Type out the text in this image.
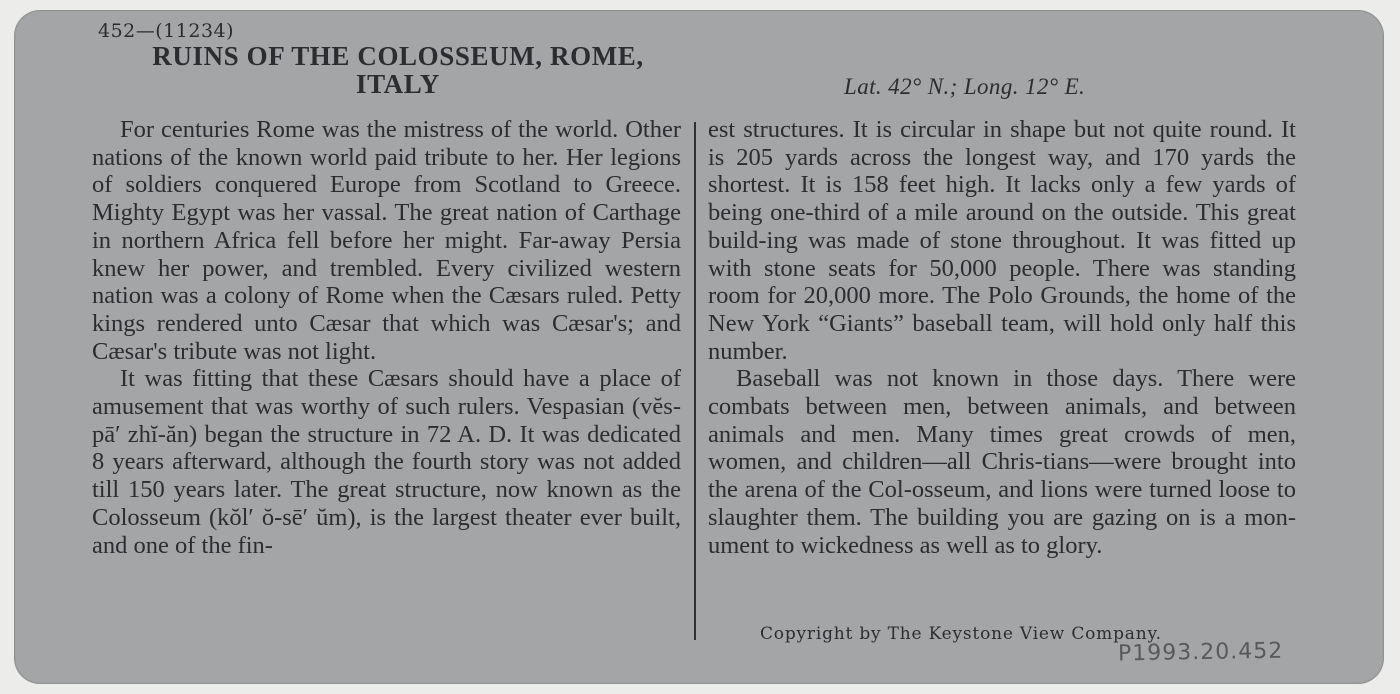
452—(11234)
RUINS OF THE COLOSSEUM, ROME,
ITALY	Lat. 42° N.; Long. 12° E.

For centuries Rome was the mistress of the world. Other nations of the known world paid tribute to her. Her legions of soldiers conquered Europe from Scotland to Greece. Mighty Egypt was her vassal. The great nation of Carthage in northern Africa fell before her might. Far-away Persia knew her power, and trembled. Every civilized western nation was a colony of Rome when the Cæsars ruled. Petty kings rendered unto Cæsar that which was Cæsar's; and Cæsar's tribute was not light.

It was fitting that these Cæsars should have a place of amusement that was worthy of such rulers. Vespasian (vĕs-pā′ zhĭ-ăn) began the structure in 72 A. D. It was dedicated 8 years afterward, although the fourth story was not added till 150 years later. The great structure, now known as the Colosseum (kŏl′ ŏ-sē′ ŭm), is the largest theater ever built, and one of the fin-

est structures. It is circular in shape but not quite round. It is 205 yards across the longest way, and 170 yards the shortest. It is 158 feet high. It lacks only a few yards of being one-third of a mile around on the outside. This great build-ing was made of stone throughout. It was fitted up with stone seats for 50,000 people. There was standing room for 20,000 more. The Polo Grounds, the home of the New York “Giants” baseball team, will hold only half this number.

Baseball was not known in those days. There were combats between men, between animals, and between animals and men. Many times great crowds of men, women, and children—all Chris-tians—were brought into the arena of the Col-osseum, and lions were turned loose to slaughter them. The building you are gazing on is a mon-ument to wickedness as well as to glory.

Copyright by The Keystone View Company.
P1993.20.452
